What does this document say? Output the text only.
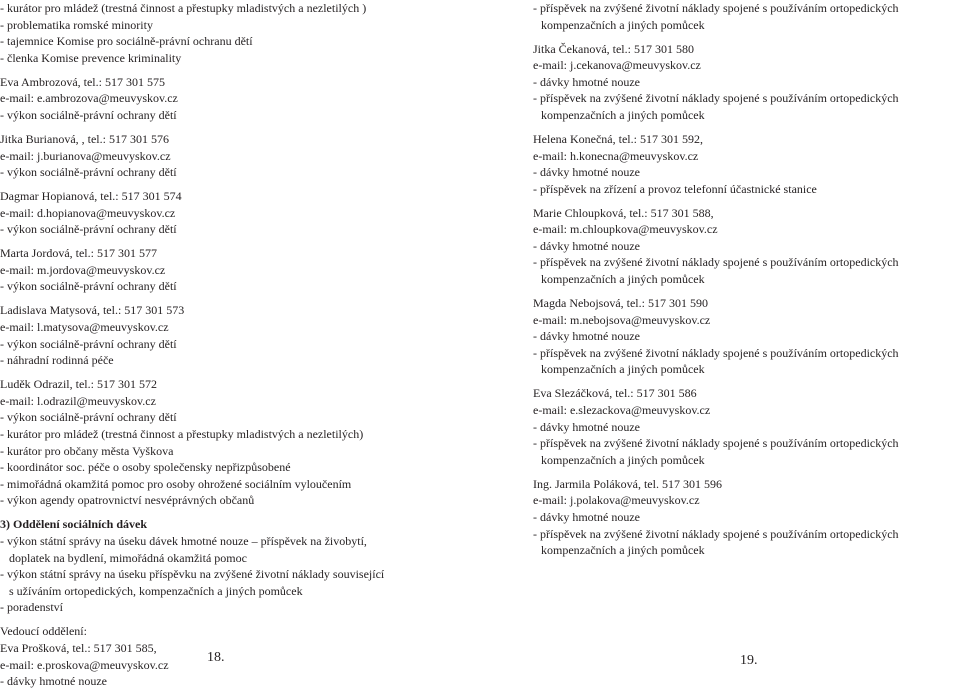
- kurátor pro mládež (trestná činnost a přestupky mladistvých a nezletilých )
- problematika romské minority
- tajemnice Komise pro sociálně-právní ochranu dětí
- členka Komise prevence kriminality
Eva Ambrozová, tel.: 517 301 575
e-mail: e.ambrozova@meuvyskov.cz
- výkon sociálně-právní ochrany dětí
Jitka Burianová, , tel.: 517 301 576
e-mail: j.burianova@meuvyskov.cz
- výkon sociálně-právní ochrany dětí
Dagmar Hopianová, tel.: 517 301 574
e-mail: d.hopianova@meuvyskov.cz
- výkon sociálně-právní ochrany dětí
Marta Jordová, tel.: 517 301 577
e-mail: m.jordova@meuvyskov.cz
- výkon sociálně-právní ochrany dětí
Ladislava Matysová, tel.: 517 301 573
e-mail: l.matysova@meuvyskov.cz
- výkon sociálně-právní ochrany dětí
- náhradní rodinná péče
Luděk Odrazil, tel.: 517 301 572
e-mail: l.odrazil@meuvyskov.cz
- výkon sociálně-právní ochrany dětí
- kurátor pro mládež (trestná činnost a přestupky mladistvých a nezletilých)
- kurátor pro občany města Vyškova
- koordinátor soc. péče o osoby společensky nepřizpůsobené
- mimořádná okamžitá pomoc pro osoby ohrožené sociálním vyloučením
- výkon agendy opatrovnictví nesvéprávných občanů
3) Oddělení sociálních dávek
- výkon státní správy na úseku dávek hmotné nouze – příspěvek na živobytí,
doplatek na bydlení, mimořádná okamžitá pomoc
- výkon státní správy na úseku příspěvku na zvýšené životní náklady související
s užíváním ortopedických, kompenzačních a jiných pomůcek
- poradenství
Vedoucí oddělení:
Eva Prošková, tel.: 517 301 585,
e-mail: e.proskova@meuvyskov.cz
- dávky hmotné nouze
- příspěvek na zvýšené životní náklady spojené s používáním ortopedických
kompenzačních a jiných pomůcek
Jitka Čekanová, tel.: 517 301 580
e-mail: j.cekanova@meuvyskov.cz
- dávky hmotné nouze
- příspěvek na zvýšené životní náklady spojené s používáním ortopedických
kompenzačních a jiných pomůcek
Helena Konečná, tel.: 517 301 592,
e-mail: h.konecna@meuvyskov.cz
- dávky hmotné nouze
- příspěvek na zřízení a provoz telefonní účastnické stanice
Marie Chloupková, tel.: 517 301 588,
e-mail: m.chloupkova@meuvyskov.cz
- dávky hmotné nouze
- příspěvek na zvýšené životní náklady spojené s používáním ortopedických
kompenzačních a jiných pomůcek
Magda Nebojsová, tel.: 517 301 590
e-mail: m.nebojsova@meuvyskov.cz
- dávky hmotné nouze
- příspěvek na zvýšené životní náklady spojené s používáním ortopedických
kompenzačních a jiných pomůcek
Eva Slezáčková, tel.: 517 301 586
e-mail: e.slezackova@meuvyskov.cz
- dávky hmotné nouze
- příspěvek na zvýšené životní náklady spojené s používáním ortopedických
kompenzačních a jiných pomůcek
Ing. Jarmila Poláková, tel. 517 301 596
e-mail: j.polakova@meuvyskov.cz
- dávky hmotné nouze
- příspěvek na zvýšené životní náklady spojené s používáním ortopedických
kompenzačních a jiných pomůcek
18.	19.
